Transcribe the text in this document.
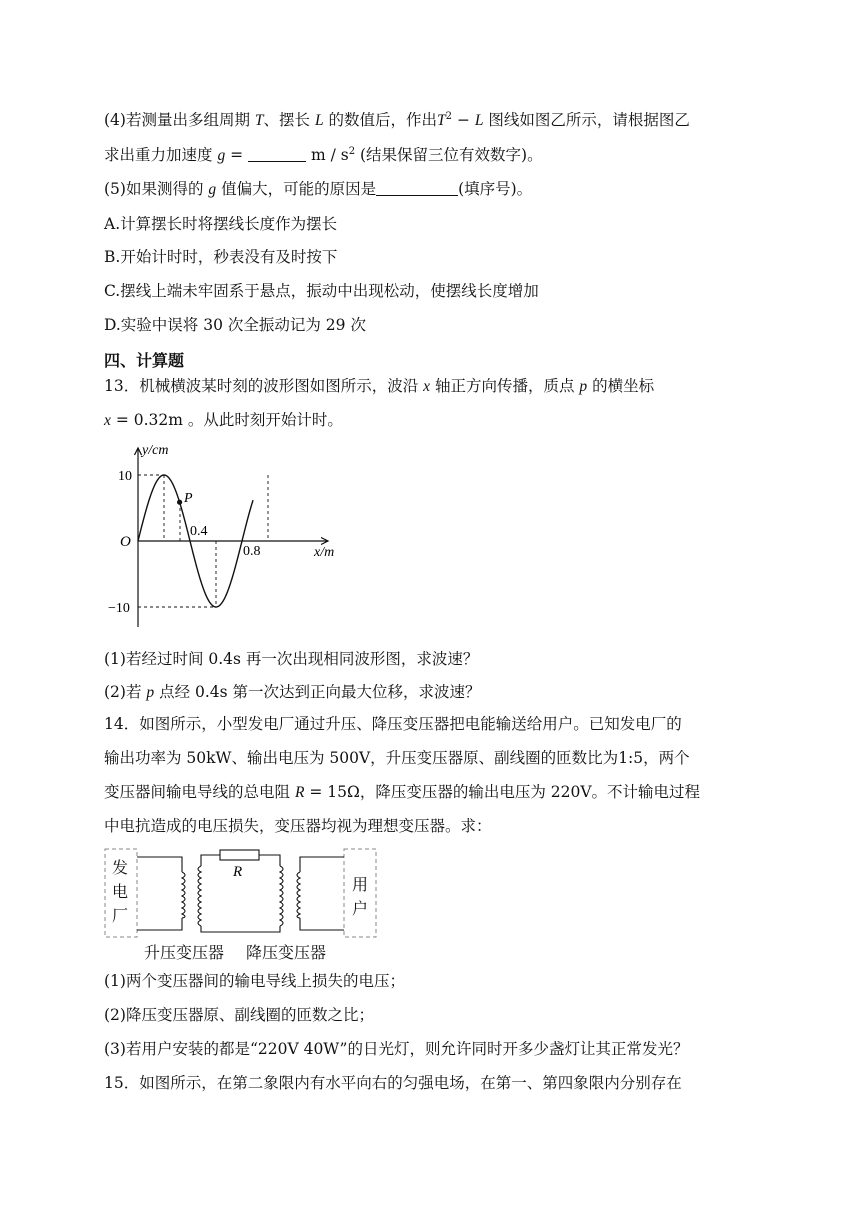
(4)若测量出多组周期 T、摆长 L 的数值后，作出$T^2 - L$ 图线如图乙所示，请根据图乙
求出重力加速度 g =	m / $s^2$ (结果保留三位有效数字)。
(5)如果测得的 g 值偏大，可能的原因是	(填序号)。
A.计算摆长时将摆线长度作为摆长
B.开始计时时，秒表没有及时按下
C.摆线上端未牢固系于悬点，振动中出现松动，使摆线长度增加
D.实验中误将 30 次全振动记为 29 次
四、计算题
13．机械横波某时刻的波形图如图所示，波沿 x 轴正方向传播，质点 p 的横坐标
x = 0.32m 。从此时刻开始计时。
y/cm
x/m
O
P
10
−10
0.4
0.8
(1)若经过时间 0.4s 再一次出现相同波形图，求波速？
(2)若 p 点经 0.4s 第一次达到正向最大位移，求波速？
14．如图所示，小型发电厂通过升压、降压变压器把电能输送给用户。已知发电厂的
输出功率为 50kW、输出电压为 500V，升压变压器原、副线圈的匝数比为1:5，两个
变压器间输电导线的总电阻 R = 15Ω，降压变压器的输出电压为 220V。不计输电过程
中电抗造成的电压损失，变压器均视为理想变压器。求：
R
发
电
厂
用
户
升压变压器 降压变压器
(1)两个变压器间的输电导线上损失的电压；
(2)降压变压器原、副线圈的匝数之比；
(3)若用户安装的都是“220V 40W”的日光灯，则允许同时开多少盏灯让其正常发光？
15．如图所示，在第二象限内有水平向右的匀强电场，在第一、第四象限内分别存在
